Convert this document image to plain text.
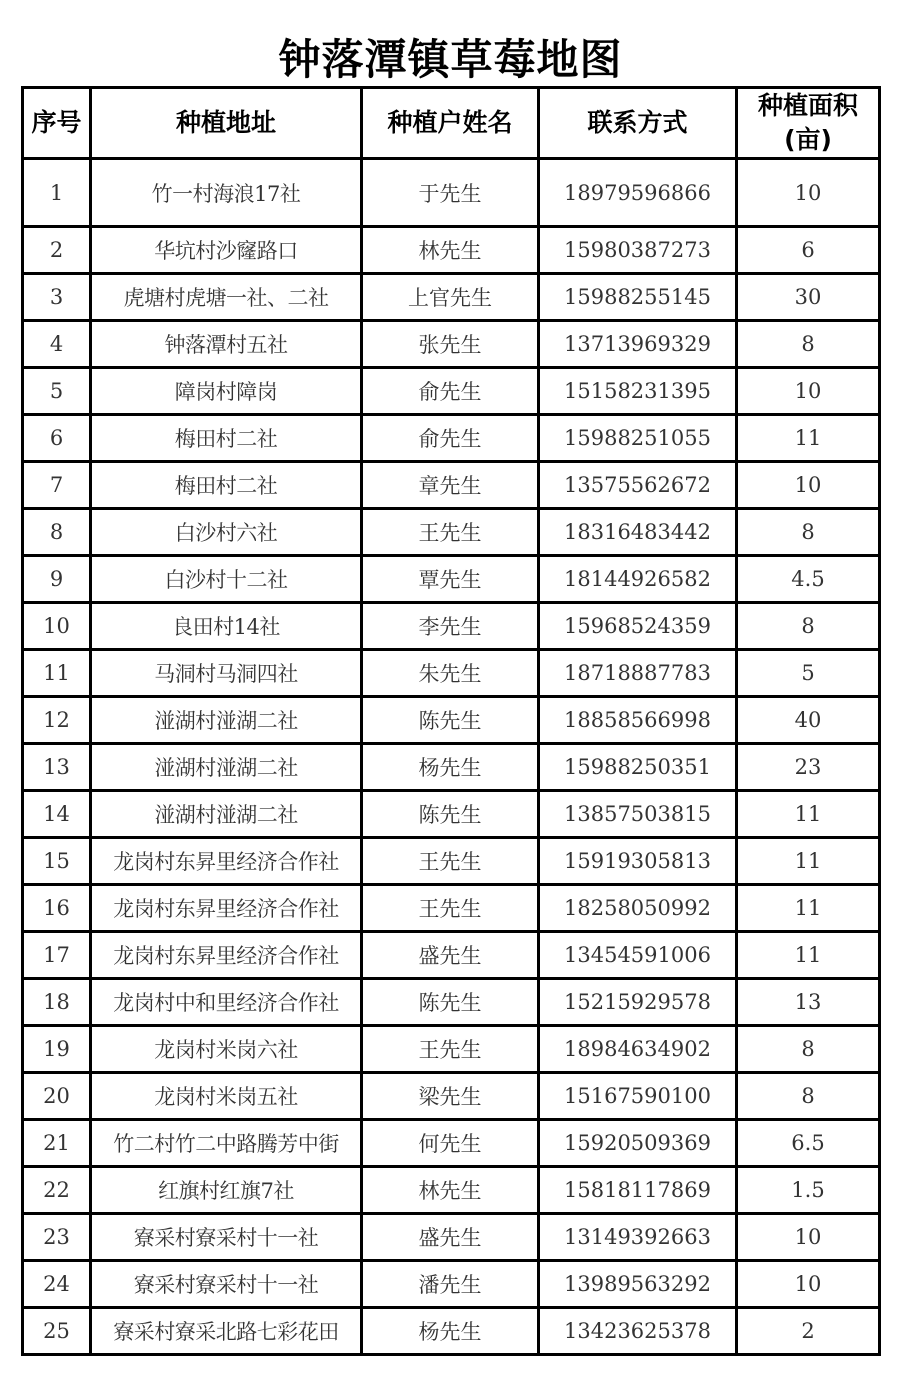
钟落潭镇草莓地图
序号	种植地址	种植户姓名	联系方式	种植面积
(亩)

1	竹一村海浪17社	于先生	18979596866	10
2	华坑村沙窿路口	林先生	15980387273	6
3	虎塘村虎塘一社、二社	上官先生	15988255145	30
4	钟落潭村五社	张先生	13713969329	8
5	障岗村障岗	俞先生	15158231395	10
6	梅田村二社	俞先生	15988251055	11
7	梅田村二社	章先生	13575562672	10
8	白沙村六社	王先生	18316483442	8
9	白沙村十二社	覃先生	18144926582	4.5
10	良田村14社	李先生	15968524359	8
11	马洞村马洞四社	朱先生	18718887783	5
12	湴湖村湴湖二社	陈先生	18858566998	40
13	湴湖村湴湖二社	杨先生	15988250351	23
14	湴湖村湴湖二社	陈先生	13857503815	11
15	龙岗村东昇里经济合作社	王先生	15919305813	11
16	龙岗村东昇里经济合作社	王先生	18258050992	11
17	龙岗村东昇里经济合作社	盛先生	13454591006	11
18	龙岗村中和里经济合作社	陈先生	15215929578	13
19	龙岗村米岗六社	王先生	18984634902	8
20	龙岗村米岗五社	梁先生	15167590100	8
21	竹二村竹二中路腾芳中街	何先生	15920509369	6.5
22	红旗村红旗7社	林先生	15818117869	1.5
23	寮采村寮采村十一社	盛先生	13149392663	10
24	寮采村寮采村十一社	潘先生	13989563292	10
25	寮采村寮采北路七彩花田	杨先生	13423625378	2
